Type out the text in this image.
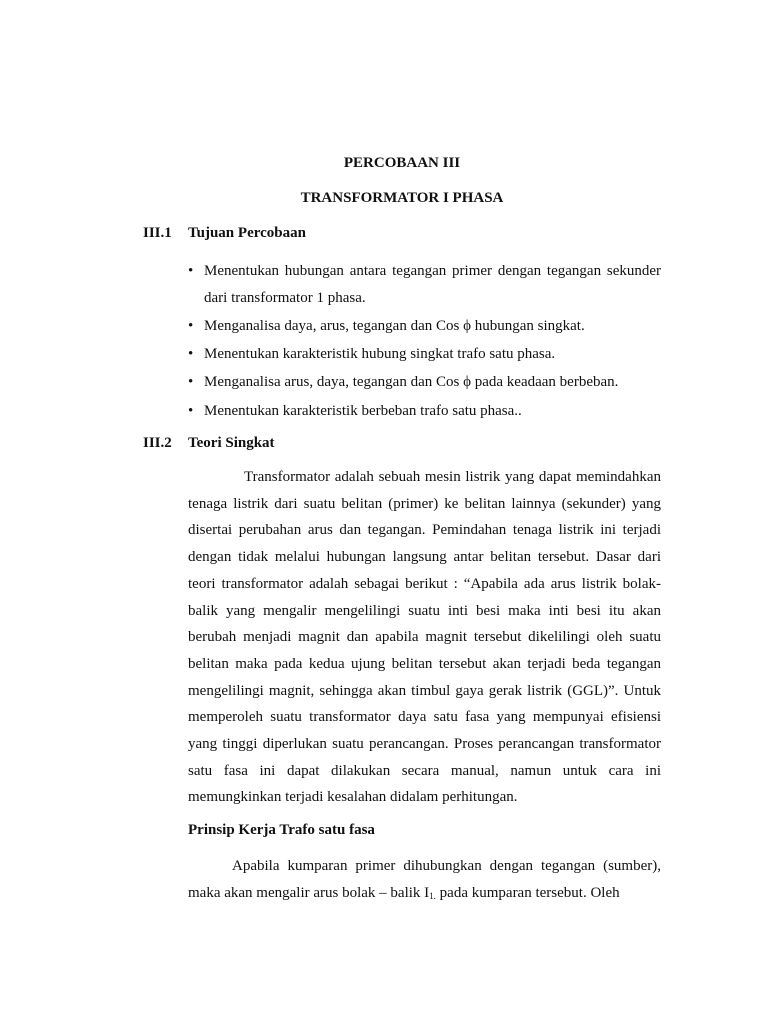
PERCOBAAN III
TRANSFORMATOR I PHASA
III.1 Tujuan Percobaan
• Menentukan hubungan antara tegangan primer dengan tegangan sekunder dari transformator 1 phasa.
• Menganalisa daya, arus, tegangan dan Cos ϕ hubungan singkat.
• Menentukan karakteristik hubung singkat trafo satu phasa.
• Menganalisa arus, daya, tegangan dan Cos ϕ pada keadaan berbeban.
• Menentukan karakteristik berbeban trafo satu phasa..
III.2 Teori Singkat

Transformator adalah sebuah mesin listrik yang dapat memindahkan tenaga listrik dari suatu belitan (primer) ke belitan lainnya (sekunder) yang disertai perubahan arus dan tegangan. Pemindahan tenaga listrik ini terjadi dengan tidak melalui hubungan langsung antar belitan tersebut. Dasar dari teori transformator adalah sebagai berikut : “Apabila ada arus listrik bolak-balik yang mengalir mengelilingi suatu inti besi maka inti besi itu akan berubah menjadi magnit dan apabila magnit tersebut dikelilingi oleh suatu belitan maka pada kedua ujung belitan tersebut akan terjadi beda tegangan mengelilingi magnit, sehingga akan timbul gaya gerak listrik (GGL)”. Untuk memperoleh suatu transformator daya satu fasa yang mempunyai efisiensi yang tinggi diperlukan suatu perancangan. Proses perancangan transformator satu fasa ini dapat dilakukan secara manual, namun untuk cara ini memungkinkan terjadi kesalahan didalam perhitungan.

Prinsip Kerja Trafo satu fasa

Apabila kumparan primer dihubungkan dengan tegangan (sumber), maka akan mengalir arus bolak – balik $I_{1.}$ pada kumparan tersebut. Oleh
